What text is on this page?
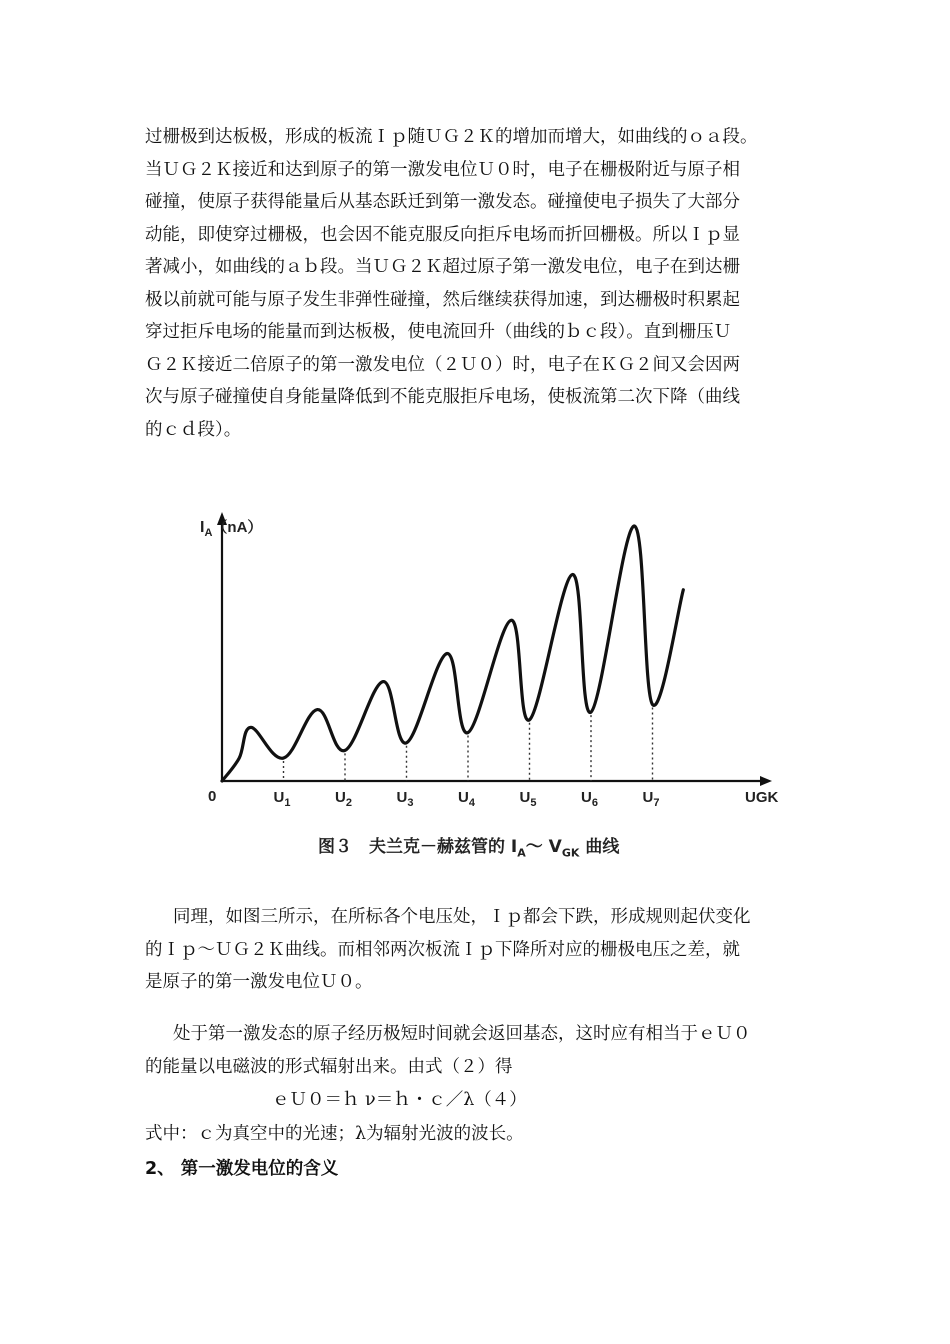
过栅极到达板极，形成的板流Ｉｐ随ＵＧ２Ｋ的增加而增大，如曲线的ｏａ段。

当ＵＧ２Ｋ接近和达到原子的第一激发电位Ｕ０时，电子在栅极附近与原子相

碰撞，使原子获得能量后从基态跃迁到第一激发态。碰撞使电子损失了大部分

动能，即使穿过栅极，也会因不能克服反向拒斥电场而折回栅极。所以Ｉｐ显

著减小，如曲线的ａｂ段。当ＵＧ２Ｋ超过原子第一激发电位，电子在到达栅

极以前就可能与原子发生非弹性碰撞，然后继续获得加速，到达栅极时积累起

穿过拒斥电场的能量而到达板极，使电流回升（曲线的ｂｃ段）。直到栅压Ｕ

Ｇ２Ｋ接近二倍原子的第一激发电位（２Ｕ０）时，电子在ＫＧ２间又会因两

次与原子碰撞使自身能量降低到不能克服拒斥电场，使板流第二次下降（曲线

的ｃｄ段）。

0	$U_1$	$U_2$	$U_3$	$U_4$	$U_5$	$U_6$	$U_7$	UGK
$I_A(nA)$
图３　夫兰克－赫兹管的 $I_A\sim$ $V_{GK}$ 曲线

同理，如图三所示，在所标各个电压处，Ｉｐ都会下跌，形成规则起伏变化

的Ｉｐ～ＵＧ２Ｋ曲线。而相邻两次板流Ｉｐ下降所对应的栅极电压之差，就

是原子的第一激发电位Ｕ０。

处于第一激发态的原子经历极短时间就会返回基态，这时应有相当于ｅＵ０

的能量以电磁波的形式辐射出来。由式（２）得

ｅＵ０＝ｈ ν＝ｈ・ｃ／λ（４）
式中：ｃ为真空中的光速；λ为辐射光波的波长。
2、 第一激发电位的含义
